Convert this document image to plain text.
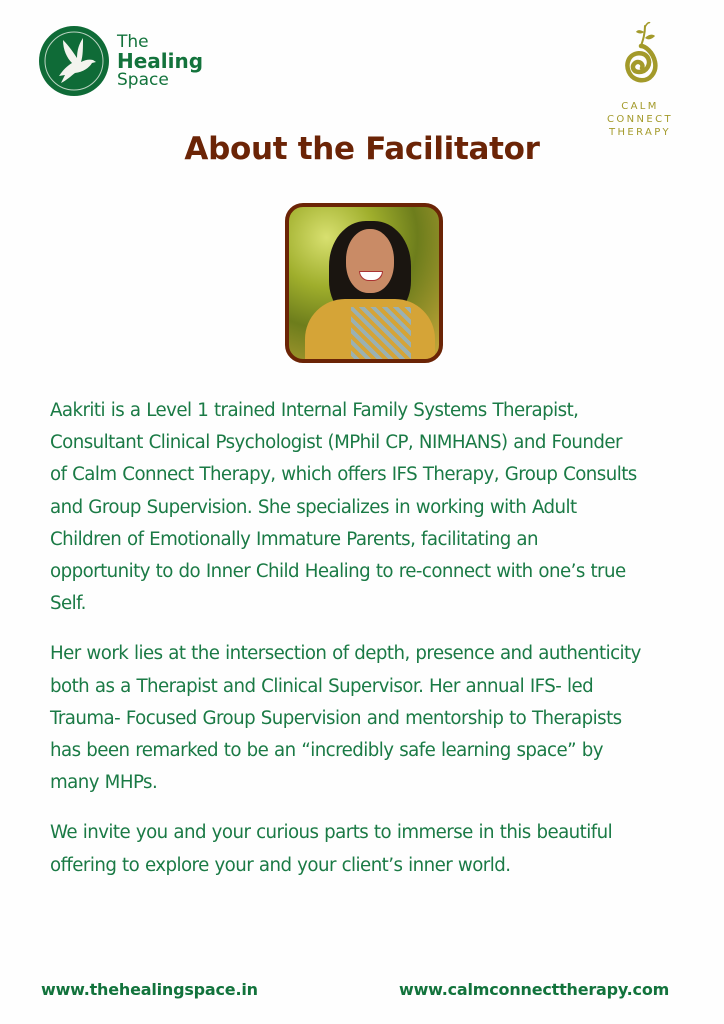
The
Healing
Space
CALM
CONNECT
THERAPY
About the Facilitator

Aakriti is a Level 1 trained Internal Family Systems Therapist,
Consultant Clinical Psychologist (MPhil CP, NIMHANS) and Founder
of Calm Connect Therapy, which offers IFS Therapy, Group Consults
and Group Supervision. She specializes in working with Adult
Children of Emotionally Immature Parents, facilitating an
opportunity to do Inner Child Healing to re-connect with one’s true
Self.

Her work lies at the intersection of depth, presence and authenticity
both as a Therapist and Clinical Supervisor. Her annual IFS- led
Trauma- Focused Group Supervision and mentorship to Therapists
has been remarked to be an “incredibly safe learning space” by
many MHPs.

We invite you and your curious parts to immerse in this beautiful
offering to explore your and your client’s inner world.

www.thehealingspace.in	www.calmconnecttherapy.com
